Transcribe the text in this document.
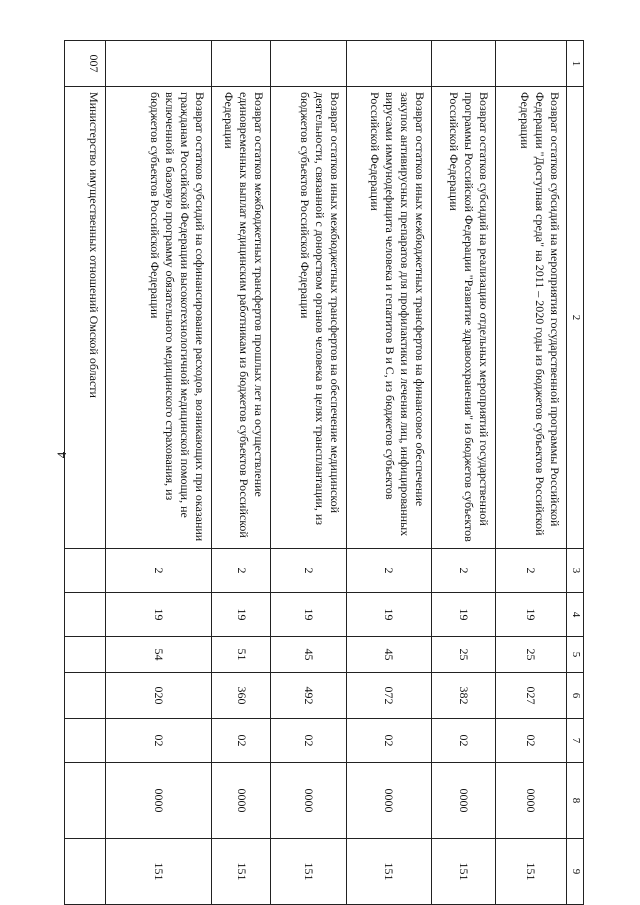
4
1	2	3	4	5	6	7	8	9
	Возврат остатков субсидий на мероприятия государственной программы Российской Федерации "Доступная среда" на 2011 – 2020 годы из бюджетов субъектов Российской Федерации	2	19	25	027	02	0000	151
	Возврат остатков субсидий на реализацию отдельных мероприятий государственной программы Российской Федерации "Развитие здравоохранения" из бюджетов субъектов Российской Федерации	2	19	25	382	02	0000	151
	Возврат остатков иных межбюджетных трансфертов на финансовое обеспечение закупок антивирусных препаратов для профилактики и лечения лиц, инфицированных вирусами иммунодефицита человека и гепатитов B и C, из бюджетов субъектов Российской Федерации	2	19	45	072	02	0000	151
	Возврат остатков иных межбюджетных трансфертов на обеспечение медицинской деятельности, связанной с донорством органов человека в целях трансплантации, из бюджетов субъектов Российской Федерации	2	19	45	492	02	0000	151
	Возврат остатков межбюджетных трансфертов прошлых лет на осуществление единовременных выплат медицинским работникам из бюджетов субъектов Российской Федерации	2	19	51	360	02	0000	151
	Возврат остатков субсидий на софинансирование расходов, возникающих при оказании гражданам Российской Федерации высокотехнологичной медицинской помощи, не включенной в базовую программу обязательного медицинского страхования, из бюджетов субъектов Российской Федерации	2	19	54	020	02	0000	151
007	Министерство имущественных отношений Омской области							
